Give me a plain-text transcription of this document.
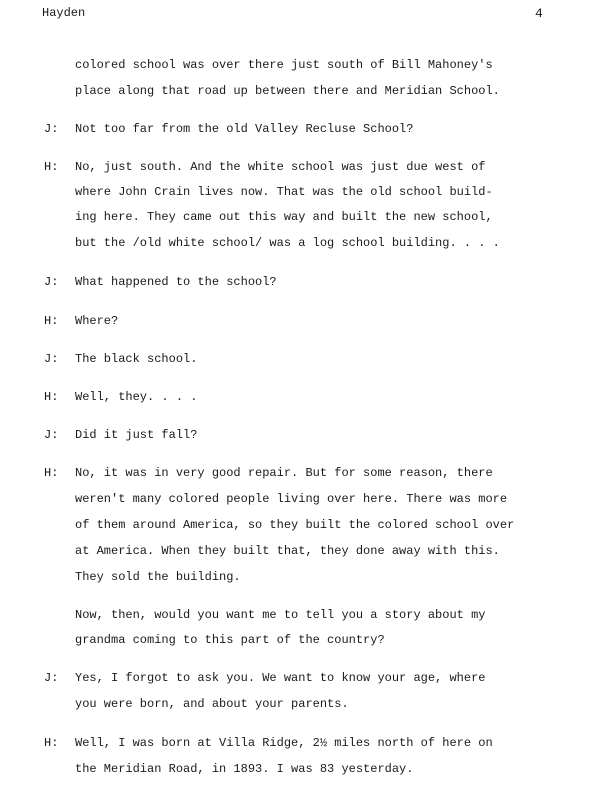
Hayden	4
colored school was over there just south of Bill Mahoney's
place along that road up between there and Meridian School.
J: Not too far from the old Valley Recluse School?
H: No, just south. And the white school was just due west of
where John Crain lives now. That was the old school build-
ing here. They came out this way and built the new school,
but the /old white school/ was a log school building. . . .
J: What happened to the school?
H: Where?
J: The black school.
H: Well, they. . . .
J: Did it just fall?
H: No, it was in very good repair. But for some reason, there
weren't many colored people living over here. There was more
of them around America, so they built the colored school over
at America. When they built that, they done away with this.
They sold the building.
Now, then, would you want me to tell you a story about my
grandma coming to this part of the country?
J: Yes, I forgot to ask you. We want to know your age, where
you were born, and about your parents.
H: Well, I was born at Villa Ridge, 2½ miles north of here on
the Meridian Road, in 1893. I was 83 yesterday.
